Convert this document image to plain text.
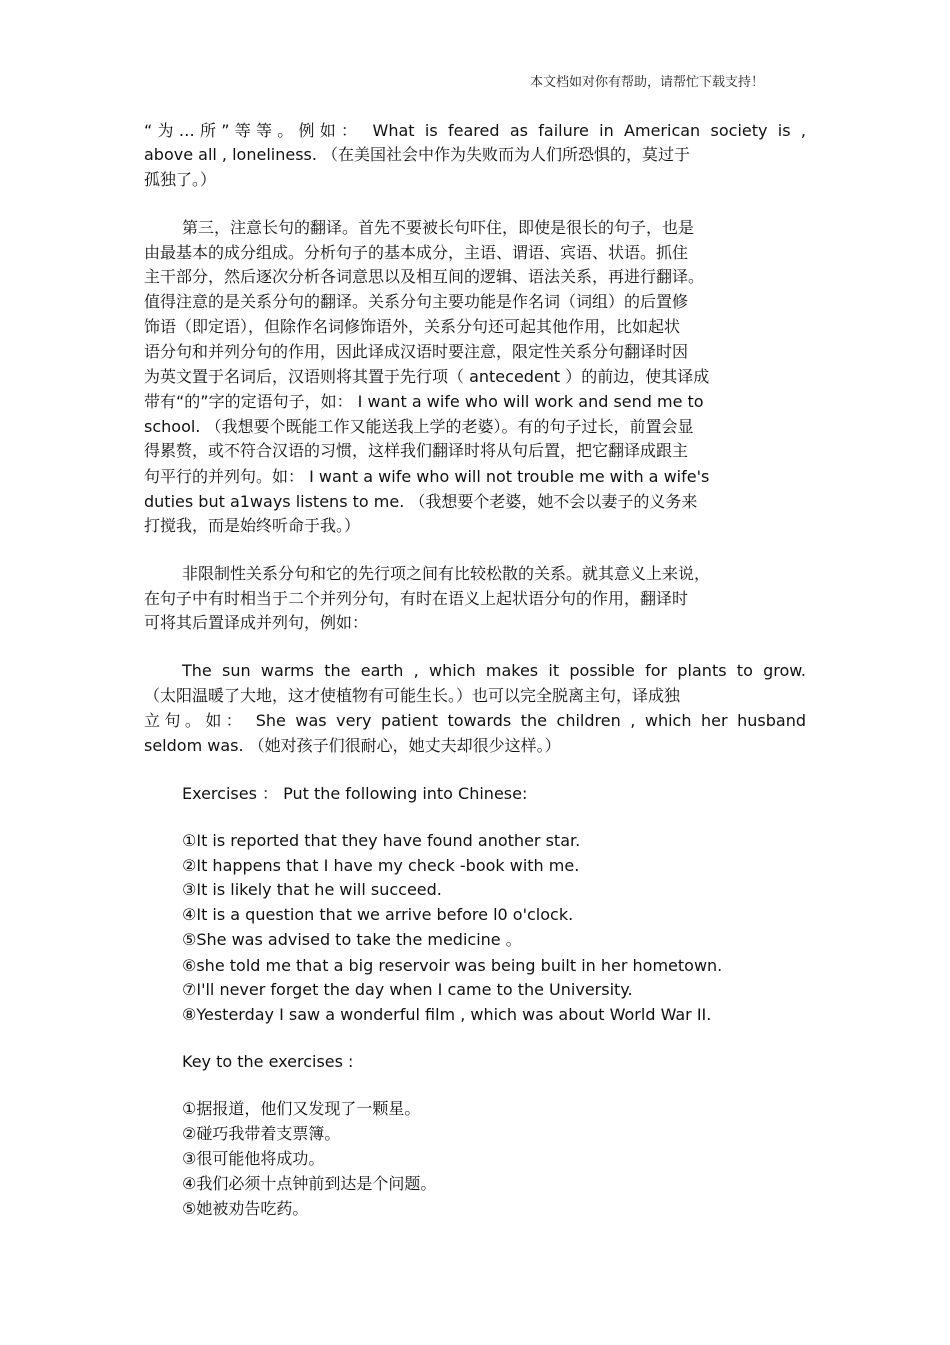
本文档如对你有帮助，请帮忙下载支持！
“为…所”等等。例如： What is feared as failure in American society is ,
above all , loneliness. （在美国社会中作为失败而为人们所恐惧的，莫过于
孤独了。）
第三，注意长句的翻译。首先不要被长句吓住，即使是很长的句子，也是
由最基本的成分组成。分析句子的基本成分，主语、谓语、宾语、状语。抓住
主干部分，然后逐次分析各词意思以及相互间的逻辑、语法关系，再进行翻译。
值得注意的是关系分句的翻译。关系分句主要功能是作名词（词组）的后置修
饰语（即定语），但除作名词修饰语外，关系分句还可起其他作用，比如起状
语分句和并列分句的作用，因此译成汉语时要注意，限定性关系分句翻译时因
为英文置于名词后，汉语则将其置于先行项（ antecedent ）的前边，使其译成
带有“的”字的定语句子，如： I want a wife who will work and send me to
school. （我想要个既能工作又能送我上学的老婆）。有的句子过长，前置会显
得累赘，或不符合汉语的习惯，这样我们翻译时将从句后置，把它翻译成跟主
句平行的并列句。如： I want a wife who will not trouble me with a wife's
duties but a1ways listens to me. （我想要个老婆，她不会以妻子的义务来
打搅我，而是始终听命于我。）
非限制性关系分句和它的先行项之间有比较松散的关系。就其意义上来说，
在句子中有时相当于二个并列分句，有时在语义上起状语分句的作用，翻译时
可将其后置译成并列句，例如：
The sun warms the earth , which makes it possible for plants to grow.
（太阳温暖了大地，这才使植物有可能生长。）也可以完全脱离主句，译成独
立句。如： She was very patient towards the children , which her husband
seldom was. （她对孩子们很耐心，她丈夫却很少这样。）
Exercises ： Put the following into Chinese:
①It is reported that they have found another star.
②It happens that I have my check -book with me.
③It is likely that he will succeed.
④It is a question that we arrive before l0 o'clock.
⑤She was advised to take the medicine 。
⑥she told me that a big reservoir was being built in her hometown.
⑦I'll never forget the day when I came to the University.
⑧Yesterday I saw a wonderful film , which was about World War II.
Key to the exercises :
①据报道，他们又发现了一颗星。
②碰巧我带着支票簿。
③很可能他将成功。
④我们必须十点钟前到达是个问题。
⑤她被劝告吃药。
